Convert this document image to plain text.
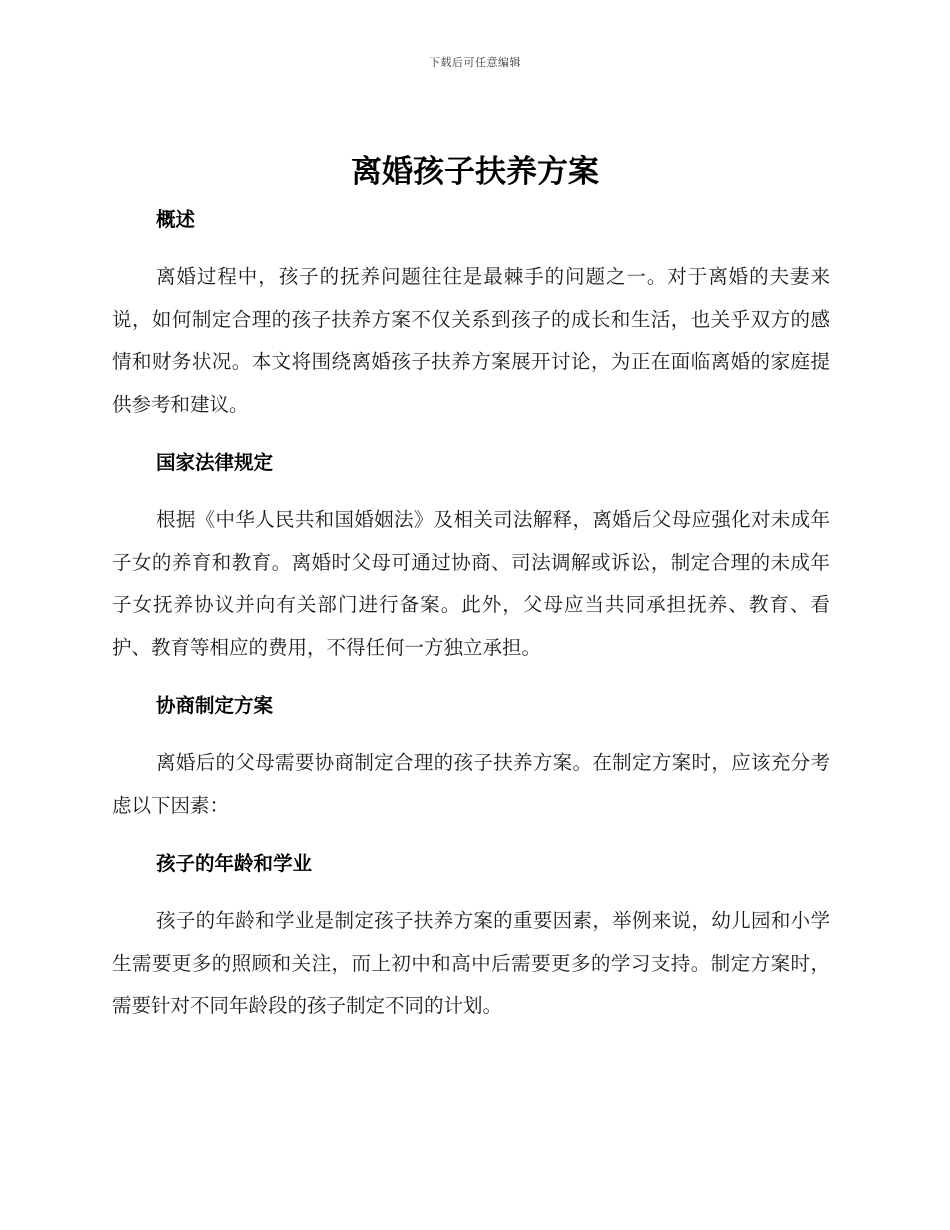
下载后可任意编辑
离婚孩子扶养方案
概述

离婚过程中，孩子的抚养问题往往是最棘手的问题之一。对于离婚的夫妻来说，如何制定合理的孩子扶养方案不仅关系到孩子的成长和生活，也关乎双方的感情和财务状况。本文将围绕离婚孩子扶养方案展开讨论，为正在面临离婚的家庭提供参考和建议。

国家法律规定

根据《中华人民共和国婚姻法》及相关司法解释，离婚后父母应强化对未成年子女的养育和教育。离婚时父母可通过协商、司法调解或诉讼，制定合理的未成年子女抚养协议并向有关部门进行备案。此外，父母应当共同承担抚养、教育、看护、教育等相应的费用，不得任何一方独立承担。

协商制定方案

离婚后的父母需要协商制定合理的孩子扶养方案。在制定方案时，应该充分考虑以下因素：

孩子的年龄和学业

孩子的年龄和学业是制定孩子扶养方案的重要因素，举例来说，幼儿园和小学生需要更多的照顾和关注，而上初中和高中后需要更多的学习支持。制定方案时，需要针对不同年龄段的孩子制定不同的计划。
